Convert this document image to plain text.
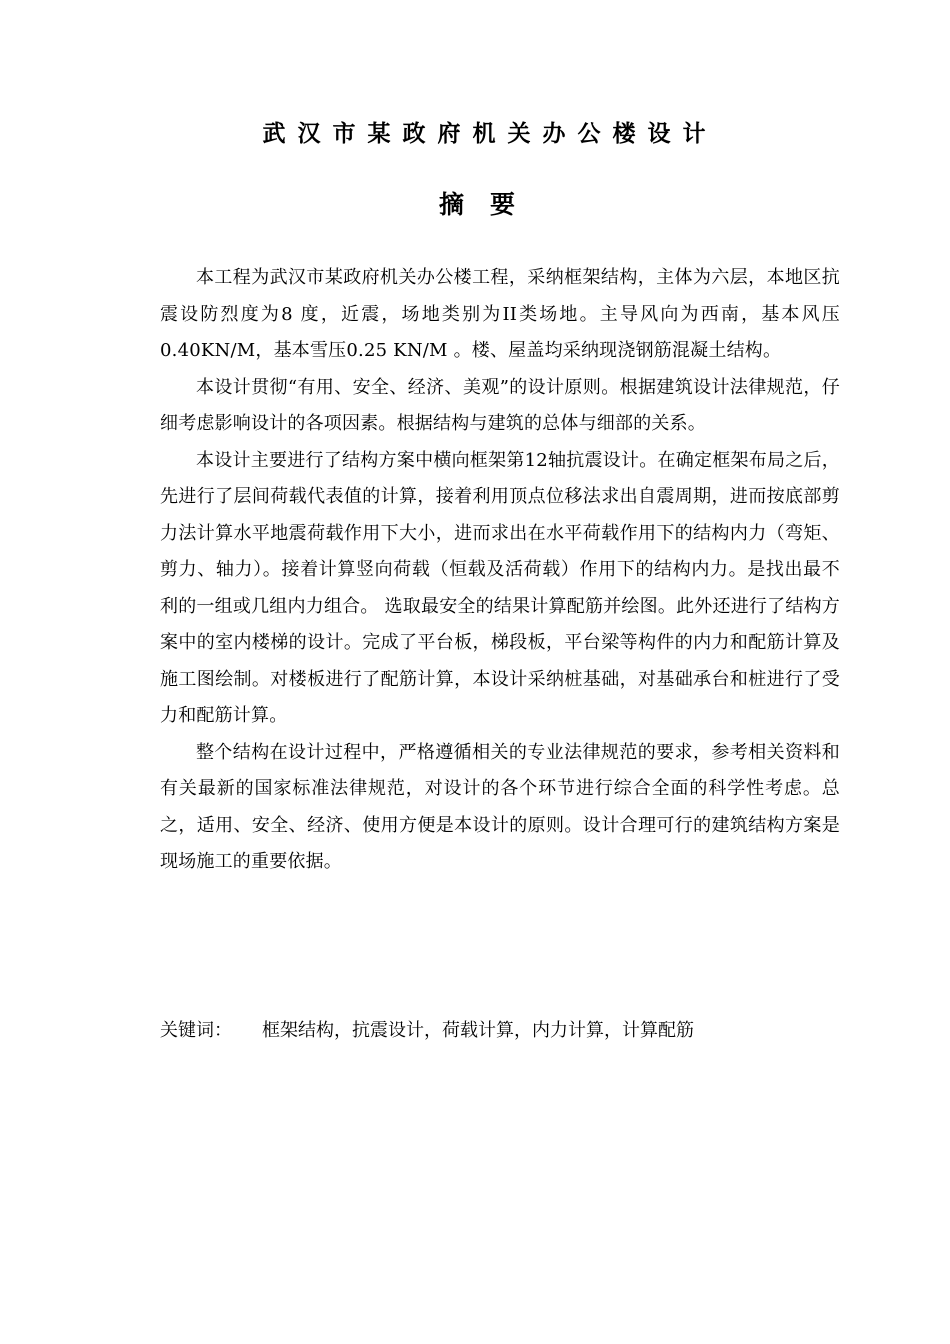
武汉市某政府机关办公楼设计
摘要

本工程为武汉市某政府机关办公楼工程，采纳框架结构，主体为六层，本地区抗震设防烈度为8 度，近震，场地类别为II类场地。主导风向为西南，基本风压0.40KN/M，基本雪压0.25 KN/M 。楼、屋盖均采纳现浇钢筋混凝土结构。

本设计贯彻“有用、安全、经济、美观”的设计原则。根据建筑设计法律规范，仔细考虑影响设计的各项因素。根据结构与建筑的总体与细部的关系。

本设计主要进行了结构方案中横向框架第12轴抗震设计。在确定框架布局之后，先进行了层间荷载代表值的计算，接着利用顶点位移法求出自震周期，进而按底部剪力法计算水平地震荷载作用下大小，进而求出在水平荷载作用下的结构内力（弯矩、剪力、轴力）。接着计算竖向荷载（恒载及活荷载）作用下的结构内力。是找出最不利的一组或几组内力组合。 选取最安全的结果计算配筋并绘图。此外还进行了结构方案中的室内楼梯的设计。完成了平台板，梯段板，平台梁等构件的内力和配筋计算及施工图绘制。对楼板进行了配筋计算，本设计采纳桩基础，对基础承台和桩进行了受力和配筋计算。

整个结构在设计过程中，严格遵循相关的专业法律规范的要求，参考相关资料和有关最新的国家标准法律规范，对设计的各个环节进行综合全面的科学性考虑。总之，适用、安全、经济、使用方便是本设计的原则。设计合理可行的建筑结构方案是现场施工的重要依据。

关键词： 框架结构，抗震设计，荷载计算，内力计算，计算配筋
